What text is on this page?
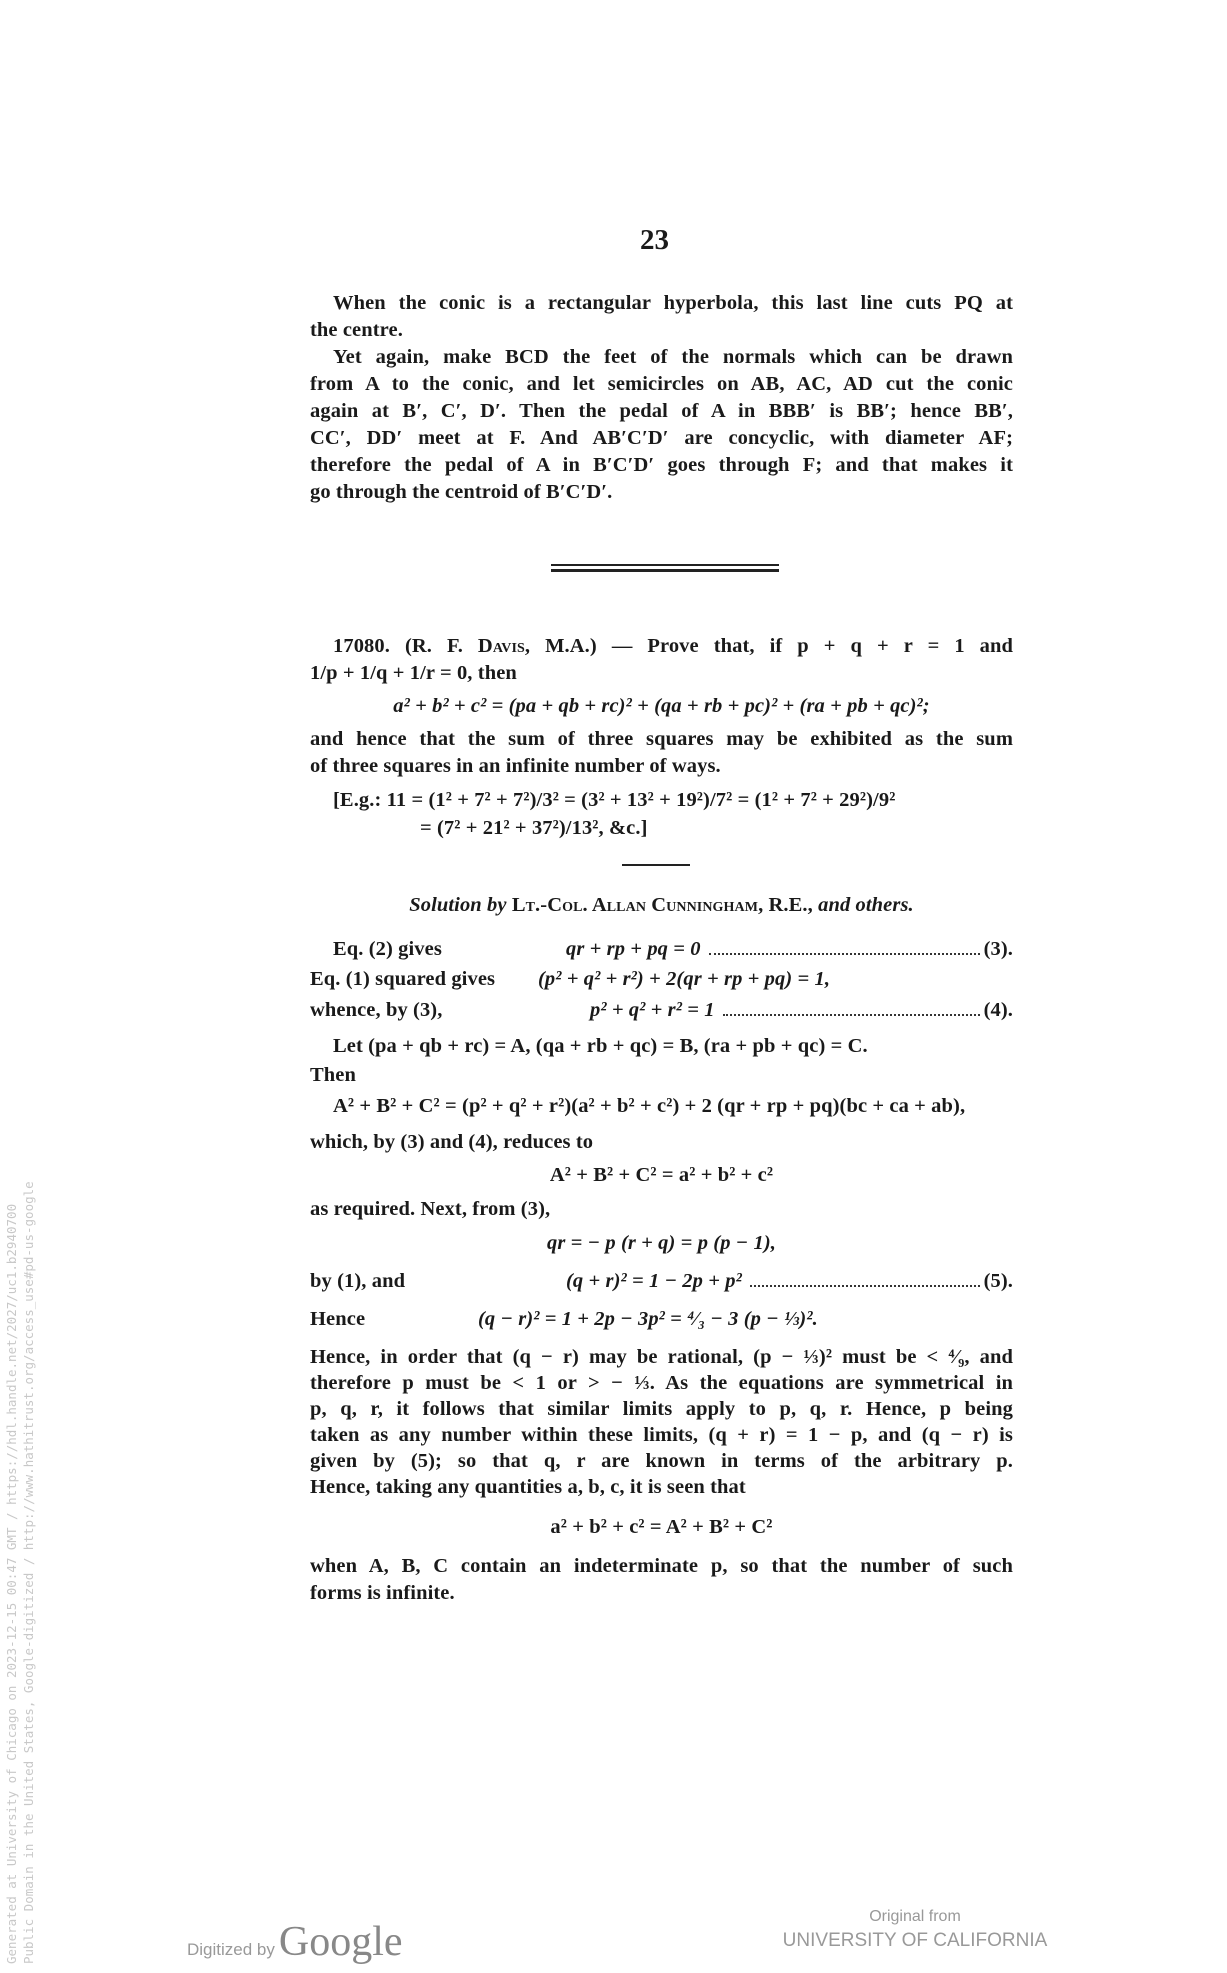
23
When the conic is a rectangular hyperbola, this last line cuts PQ at
the centre.
Yet again, make BCD the feet of the normals which can be drawn
from A to the conic, and let semicircles on AB, AC, AD cut the conic
again at B′, C′, D′. Then the pedal of A in BBB′ is BB′; hence BB′,
CC′, DD′ meet at F. And AB′C′D′ are concyclic, with diameter AF;
therefore the pedal of A in B′C′D′ goes through F; and that makes it
go through the centroid of B′C′D′.
17080. (R. F. Davis, M.A.) — Prove that, if p + q + r = 1 and
1/p + 1/q + 1/r = 0, then
a² + b² + c² = (pa + qb + rc)² + (qa + rb + pc)² + (ra + pb + qc)²;
and hence that the sum of three squares may be exhibited as the sum
of three squares in an infinite number of ways.
[E.g.: 11 = (1² + 7² + 7²)/3² = (3² + 13² + 19²)/7² = (1² + 7² + 29²)/9²
= (7² + 21² + 37²)/13², &c.]
Solution by Lt.-Col. Allan Cunningham, R.E., and others.
Eq. (2) gives	qr + rp + pq = 0	(3).
Eq. (1) squared gives	(p² + q² + r²) + 2(qr + rp + pq) = 1,
whence, by (3),	p² + q² + r² = 1	(4).
Let (pa + qb + rc) = A, (qa + rb + qc) = B, (ra + pb + qc) = C.
Then
A² + B² + C² = (p² + q² + r²)(a² + b² + c²) + 2 (qr + rp + pq)(bc + ca + ab),
which, by (3) and (4), reduces to
A² + B² + C² = a² + b² + c²
as required. Next, from (3),
qr = − p (r + q) = p (p − 1),
by (1), and	(q + r)² = 1 − 2p + p²	(5).
Hence	(q − r)² = 1 + 2p − 3p² = ⁴⁄₃ − 3 (p − ⅓)².
Hence, in order that (q − r) may be rational, (p − ⅓)² must be < ⁴⁄₉, and
therefore p must be < 1 or > − ⅓. As the equations are symmetrical in
p, q, r, it follows that similar limits apply to p, q, r. Hence, p being
taken as any number within these limits, (q + r) = 1 − p, and (q − r) is
given by (5); so that q, r are known in terms of the arbitrary p.
Hence, taking any quantities a, b, c, it is seen that
a² + b² + c² = A² + B² + C²
when A, B, C contain an indeterminate p, so that the number of such
forms is infinite.
Generated at University of Chicago on 2023-12-15 00:47 GMT / https://hdl.handle.net/2027/uc1.b2940700 Public Domain in the United States, Google-digitized / http://www.hathitrust.org/access_use#pd-us-google	Digitized by Google
Original from
UNIVERSITY OF CALIFORNIA
